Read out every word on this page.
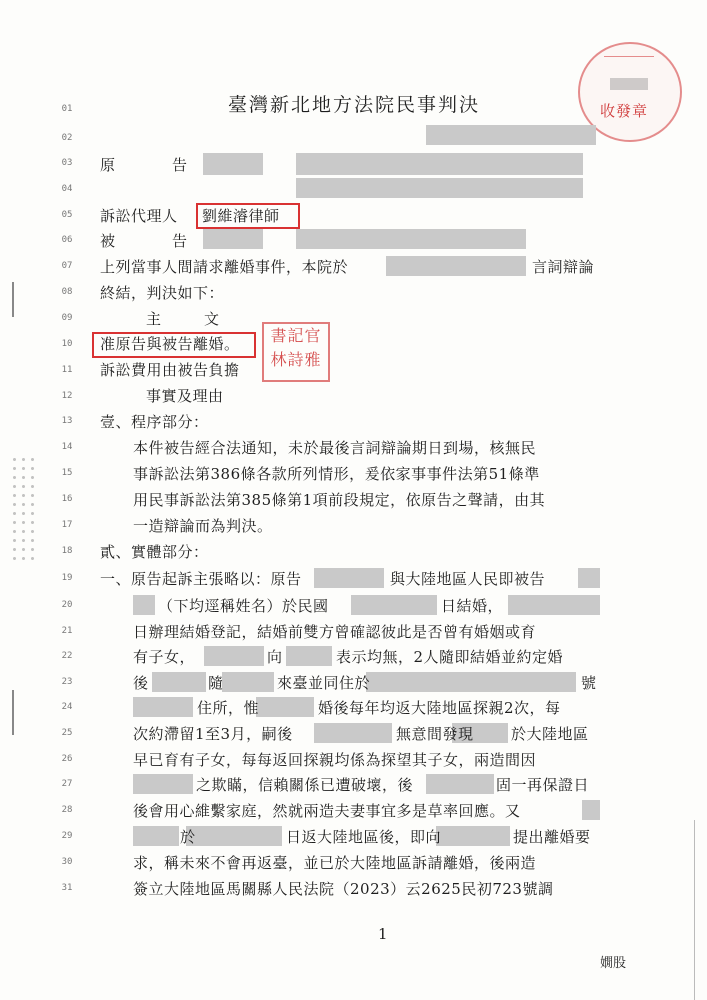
臺灣新北地方法院民事判決	收發章
01
02
03
04
05
06
07
08
09
10
11
12
13
14
15
16
17
18
19
20
21
22
23
24
25
26
27
28
29
30
31
書記官
林詩雅
原	告
訴訟代理人 劉維濬律師
被	告
上列當事人間請求離婚事件，本院於	言詞辯論
終結，判決如下：
主	文
准原告與被告離婚。
訴訟費用由被告負擔
事實及理由
壹、程序部分：
本件被告經合法通知，未於最後言詞辯論期日到場，核無民
事訴訟法第386條各款所列情形，爰依家事事件法第51條準
用民事訴訟法第385條第1項前段規定，依原告之聲請，由其
一造辯論而為判決。
貳、實體部分：
一、原告起訴主張略以：原告	與大陸地區人民即被告
（下均逕稱姓名）於民國	日結婚，
日辦理結婚登記，結婚前雙方曾確認彼此是否曾有婚姻或育
有子女，	向	表示均無，2人隨即結婚並約定婚
後	隨	來臺並同住於	號
住所，惟	婚後每年均返大陸地區探親2次，每
次約滯留1至3月，嗣後	無意間發現 於大陸地區
早已育有子女，每每返回探親均係為探望其子女，兩造間因
之欺瞞，信賴關係已遭破壞，後	固一再保證日
後會用心維繫家庭，然就兩造夫妻事宜多是草率回應。又
於	日返大陸地區後，即向	提出離婚要
求，稱未來不會再返臺，並已於大陸地區訴請離婚，後兩造
簽立大陸地區馬關縣人民法院（2023）云2625民初723號調
1
嫺股
